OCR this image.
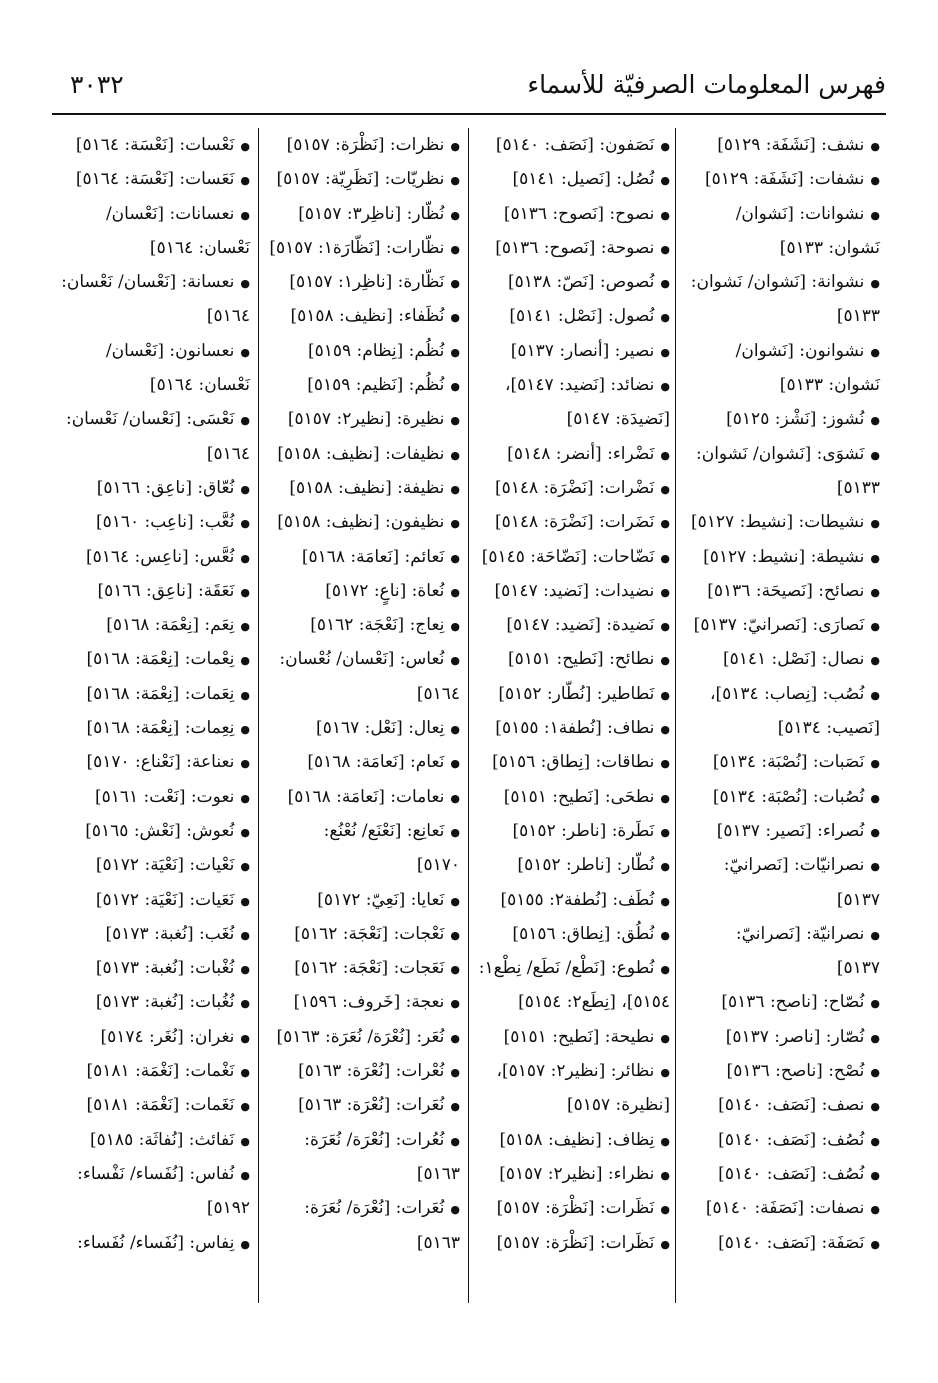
فهرس المعلومات الصرفيّة للأسماء
٣٠٣٢
●نشف: [نَشَفَة: ٥١٢٩]
●نشفات: [نَشَفَة: ٥١٢٩]
●نشوانات: [نَشوان/
نَشوان: ٥١٣٣]
●نشوانة: [نَشوان/ نَشوان:
٥١٣٣]
●نشوانون: [نَشوان/
نَشوان: ٥١٣٣]
●نُشوز: [نَشْز: ٥١٢٥]
●نَشوَى: [نَشوان/ نَشوان:
٥١٣٣]
●نشيطات: [نشيط: ٥١٢٧]
●نشيطة: [نشيط: ٥١٢٧]
●نصائح: [نَصيحَة: ٥١٣٦]
●نَصارَى: [نَصرانيّ: ٥١٣٧]
●نصال: [نَصْل: ٥١٤١]
●نُصُب: [نِصاب: ٥١٣٤]،
[نَصيب: ٥١٣٤]
●نَصَبات: [نُصْبَة: ٥١٣٤]
●نُصُبات: [نُصْبَة: ٥١٣٤]
●نُصراء: [نَصير: ٥١٣٧]
●نصرانيّات: [نَصرانيّ:
٥١٣٧]
●نصرانيّة: [نَصرانيّ:
٥١٣٧]
●نُصّاح: [ناصح: ٥١٣٦]
●نُصّار: [ناصر: ٥١٣٧]
●نُصْح: [ناصح: ٥١٣٦]
●نصف: [نَصَف: ٥١٤٠]
●نُصُف: [نَصَف: ٥١٤٠]
●نُصُف: [نَصَف: ٥١٤٠]
●نصفات: [نَصَفَة: ٥١٤٠]
●نَصَفَة: [نَصَف: ٥١٤٠]
●نَصَفون: [نَصَف: ٥١٤٠]
●نُصُل: [نَصيل: ٥١٤١]
●نصوح: [نَصوح: ٥١٣٦]
●نصوحة: [نَصوح: ٥١٣٦]
●نُصوص: [نَصّ: ٥١٣٨]
●نُصول: [نَصْل: ٥١٤١]
●نصير: [أنصار: ٥١٣٧]
●نضائد: [نَضيد: ٥١٤٧]،
[نَضيدَة: ٥١٤٧]
●نَضْراء: [أنضر: ٥١٤٨]
●نَضْرات: [نَضْرَة: ٥١٤٨]
●نَضَرات: [نَضْرَة: ٥١٤٨]
●نَضّاحات: [نَضّاحَة: ٥١٤٥]
●نضيدات: [نَضيد: ٥١٤٧]
●نَضيدة: [نَضيد: ٥١٤٧]
●نطائح: [نَطيح: ٥١٥١]
●نَطاطير: [نُطّار: ٥١٥٢]
●نطاف: [نُطفة١: ٥١٥٥]
●نطاقات: [نِطاق: ٥١٥٦]
●نطحَى: [نَطيح: ٥١٥١]
●نَطَرة: [ناطر: ٥١٥٢]
●نُطّار: [ناطر: ٥١٥٢]
●نُطَف: [نُطفة٢: ٥١٥٥]
●نُطُق: [نِطاق: ٥١٥٦]
●نُطوع: [نَطْع/ نَطَع/ نِطْع١:
٥١٥٤]، [نِطَع٢: ٥١٥٤]
●نطيحة: [نَطيح: ٥١٥١]
●نظائر: [نظير٢: ٥١٥٧]،
[نظيرة: ٥١٥٧]
●نِظاف: [نظيف: ٥١٥٨]
●نظراء: [نظير٢: ٥١٥٧]
●نَظَرات: [نَظْرَة: ٥١٥٧]
●نَظَرات: [نَظْرَة: ٥١٥٧]
●نظرات: [نَظْرَة: ٥١٥٧]
●نظريّات: [نَظَرِيّة: ٥١٥٧]
●نُظّار: [ناظِر٣: ٥١٥٧]
●نظّارات: [نَظّارَة١: ٥١٥٧]
●نَظّارة: [ناظِر١: ٥١٥٧]
●نُظَفاء: [نظيف: ٥١٥٨]
●نُظُم: [نِظام: ٥١٥٩]
●نُظُم: [نَظيم: ٥١٥٩]
●نظيرة: [نظير٢: ٥١٥٧]
●نظيفات: [نظيف: ٥١٥٨]
●نظيفة: [نظيف: ٥١٥٨]
●نظيفون: [نظيف: ٥١٥٨]
●نَعائم: [نَعامَة: ٥١٦٨]
●نُعاة: [ناعٍ: ٥١٧٢]
●نِعاج: [نَعْجَة: ٥١٦٢]
●نُعاس: [نَعْسان/ نُعْسان:
٥١٦٤]
●نِعال: [نَعْل: ٥١٦٧]
●نَعام: [نَعامَة: ٥١٦٨]
●نعامات: [نَعامَة: ٥١٦٨]
●نَعانِع: [نَعْنَع/ نُعْنُع:
٥١٧٠]
●نَعايا: [نَعِيّ: ٥١٧٢]
●نَعْجات: [نَعْجَة: ٥١٦٢]
●نَعَجات: [نَعْجَة: ٥١٦٢]
●نعجة: [خَروف: ١٥٩٦]
●نُعَر: [نُعْرَة/ نُعَرَة: ٥١٦٣]
●نُعْرات: [نُعْرَة: ٥١٦٣]
●نُعَرات: [نُعْرَة: ٥١٦٣]
●نُعُرات: [نُعْرَة/ نُعَرَة:
٥١٦٣]
●نُعَرات: [نُعْرَة/ نُعَرَة:
٥١٦٣]
●نَعْسات: [نَعْسَة: ٥١٦٤]
●نَعَسات: [نَعْسَة: ٥١٦٤]
●نعسانات: [نَعْسان/
نَعْسان: ٥١٦٤]
●نعسانة: [نَعْسان/ نَعْسان:
٥١٦٤]
●نعسانون: [نَعْسان/
نَعْسان: ٥١٦٤]
●نَعْسَى: [نَعْسان/ نَعْسان:
٥١٦٤]
●نُعّاق: [ناعِق: ٥١٦٦]
●نُعَّب: [ناعِب: ٥١٦٠]
●نُعَّس: [ناعِس: ٥١٦٤]
●نَعَقَة: [ناعِق: ٥١٦٦]
●نِعَم: [نِعْمَة: ٥١٦٨]
●نِعْمات: [نِعْمَة: ٥١٦٨]
●نِعَمات: [نِعْمَة: ٥١٦٨]
●نِعِمات: [نِعْمَة: ٥١٦٨]
●نعناعة: [نَعْناع: ٥١٧٠]
●نعوت: [نَعْت: ٥١٦١]
●نُعوش: [نَعْش: ٥١٦٥]
●نَعْيات: [نَعْيَة: ٥١٧٢]
●نَعَيات: [نَعْيَة: ٥١٧٢]
●نُغَب: [نُغبة: ٥١٧٣]
●نُغْبات: [نُغبة: ٥١٧٣]
●نُغُبات: [نُغبة: ٥١٧٣]
●نغران: [نُغَر: ٥١٧٤]
●نَغْمات: [نَغْمَة: ٥١٨١]
●نَغَمات: [نَغْمَة: ٥١٨١]
●نَفائث: [نُفاثَة: ٥١٨٥]
●نُفاس: [نُفَساء/ نَفْساء:
٥١٩٢]
●نِفاس: [نُفَساء/ نُفَساء:
